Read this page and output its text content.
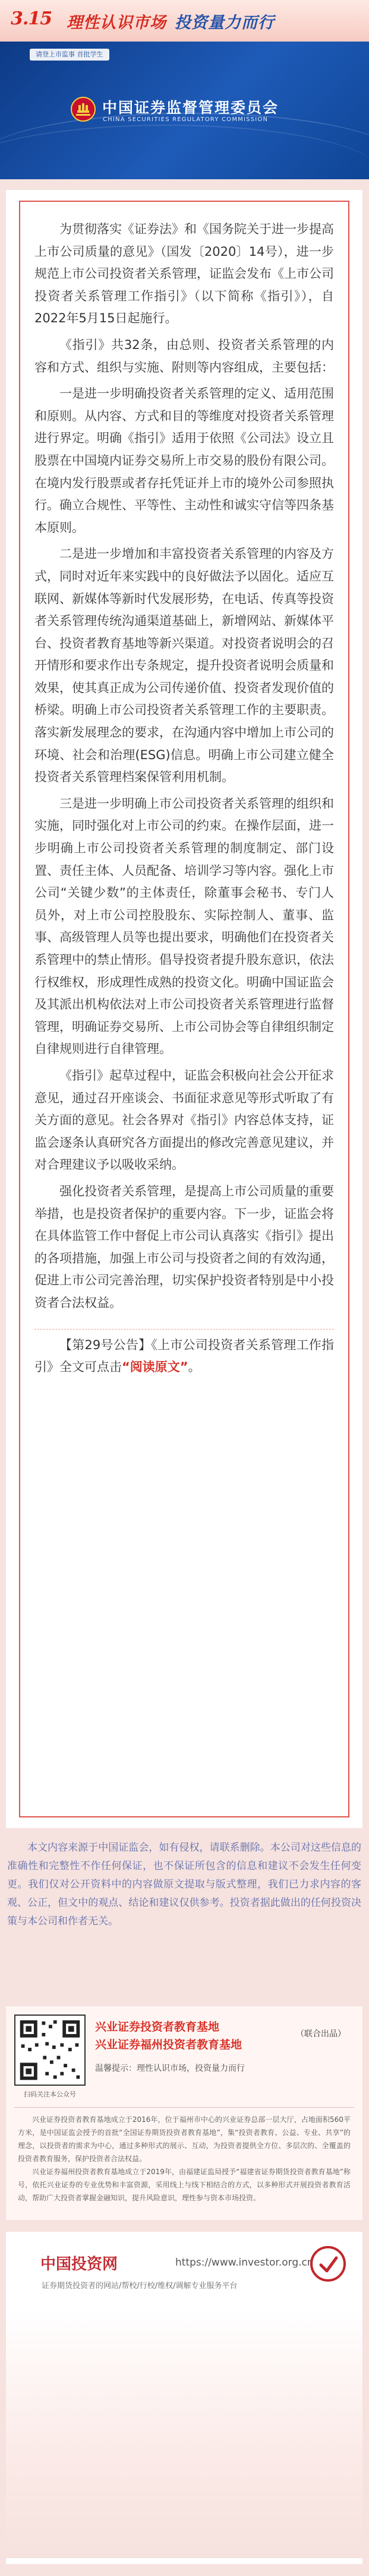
3.15 理性认识市场 投资量力而行
请登上市监事 首批学生
中国证券监督管理委员会
CHINA SECURITIES REGULATORY COMMISSION

为贯彻落实《证券法》和《国务院关于进一步提高上市公司质量的意见》（国发〔2020〕14号），进一步规范上市公司投资者关系管理，证监会发布《上市公司投资者关系管理工作指引》（以下简称《指引》），自2022年5月15日起施行。

《指引》共32条，由总则、投资者关系管理的内容和方式、组织与实施、附则等内容组成，主要包括：

一是进一步明确投资者关系管理的定义、适用范围和原则。从内容、方式和目的等维度对投资者关系管理进行界定。明确《指引》适用于依照《公司法》设立且股票在中国境内证券交易所上市交易的股份有限公司。在境内发行股票或者存托凭证并上市的境外公司参照执行。确立合规性、平等性、主动性和诚实守信等四条基本原则。

二是进一步增加和丰富投资者关系管理的内容及方式，同时对近年来实践中的良好做法予以固化。适应互联网、新媒体等新时代发展形势，在电话、传真等投资者关系管理传统沟通渠道基础上，新增网站、新媒体平台、投资者教育基地等新兴渠道。对投资者说明会的召开情形和要求作出专条规定，提升投资者说明会质量和效果，使其真正成为公司传递价值、投资者发现价值的桥梁。明确上市公司投资者关系管理工作的主要职责。落实新发展理念的要求，在沟通内容中增加上市公司的环境、社会和治理(ESG)信息。明确上市公司建立健全投资者关系管理档案保管利用机制。

三是进一步明确上市公司投资者关系管理的组织和实施，同时强化对上市公司的约束。在操作层面，进一步明确上市公司投资者关系管理的制度制定、部门设置、责任主体、人员配备、培训学习等内容。强化上市公司“关键少数”的主体责任，除董事会秘书、专门人员外，对上市公司控股股东、实际控制人、董事、监事、高级管理人员等也提出要求，明确他们在投资者关系管理中的禁止情形。倡导投资者提升股东意识，依法行权维权，形成理性成熟的投资文化。明确中国证监会及其派出机构依法对上市公司投资者关系管理进行监督管理，明确证券交易所、上市公司协会等自律组织制定自律规则进行自律管理。

《指引》起草过程中，证监会积极向社会公开征求意见，通过召开座谈会、书面征求意见等形式听取了有关方面的意见。社会各界对《指引》内容总体支持，证监会逐条认真研究各方面提出的修改完善意见建议，并对合理建议予以吸收采纳。

强化投资者关系管理，是提高上市公司质量的重要举措，也是投资者保护的重要内容。下一步，证监会将在具体监管工作中督促上市公司认真落实《指引》提出的各项措施，加强上市公司与投资者之间的有效沟通，促进上市公司完善治理，切实保护投资者特别是中小投资者合法权益。

【第29号公告】《上市公司投资者关系管理工作指引》全文可点击“阅读原文”。

本文内容来源于中国证监会，如有侵权，请联系删除。本公司对这些信息的准确性和完整性不作任何保证，也不保证所包含的信息和建议不会发生任何变更。我们仅对公开资料中的内容做原文提取与版式整理，我们已力求内容的客观、公正，但文中的观点、结论和建议仅供参考。投资者据此做出的任何投资决策与本公司和作者无关。

扫码关注本公众号
兴业证券投资者教育基地
兴业证券福州投资者教育基地
（联合出品）
温馨提示：理性认识市场，投资量力而行

兴业证券投资者教育基地成立于2016年，位于福州市中心的兴业证券总部一层大厅，占地面积560平方米，是中国证监会授予的首批“全国证券期货投资者教育基地”，集“投资者教育、公益、专业、共享”的理念，以投资者的需求为中心，通过多种形式的展示、互动，为投资者提供全方位、多层次的、全覆盖的投资者教育服务，保护投资者合法权益。

兴业证券福州投资者教育基地成立于2019年，由福建证监局授予“福建省证券期货投资者教育基地”称号，依托兴业证券的专业优势和丰富资源，采用线上与线下相结合的方式，以多种形式开展投资者教育活动，帮助广大投资者掌握金融知识，提升风险意识，理性参与资本市场投资。

中国投资网	https://www.investor.org.cn
证券期货投资者的网站/帮校/行校/维权/调解专业服务平台
